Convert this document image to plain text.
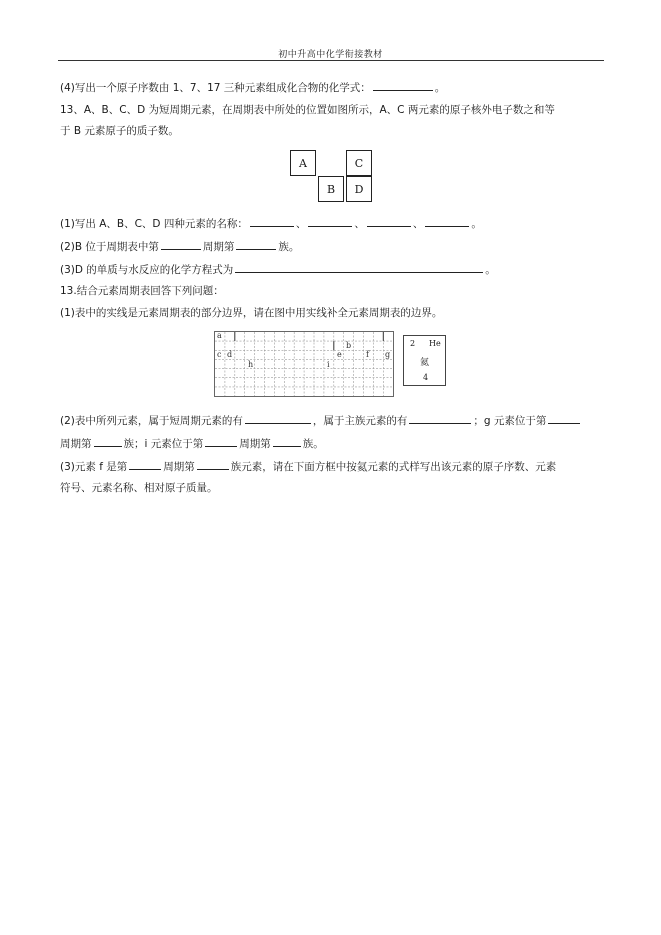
初中升高中化学衔接教材
(4)写出一个原子序数由 1、7、17 三种元素组成化合物的化学式：	。
13、A、B、C、D 为短周期元素，在周期表中所处的位置如图所示，A、C 两元素的原子核外电子数之和等
于 B 元素原子的质子数。
A	C
B	D
(1)写出 A、B、C、D 四种元素的名称：	、	、	、	。
(2)B 位于周期表中第	周期第	族。
(3)D 的单质与水反应的化学方程式为	。
13.结合元素周期表回答下列问题：
(1)表中的实线是元素周期表的部分边界，请在图中用实线补全元素周期表的边界。
a
c d
b
e	f g
h	i
2 He
氦
4
(2)表中所列元素，属于短周期元素的有	，属于主族元素的有	；g 元素位于第
周期第	族；i 元素位于第	周期第	族。
(3)元素 f 是第	周期第	族元素，请在下面方框中按氦元素的式样写出该元素的原子序数、元素
符号、元素名称、相对原子质量。
